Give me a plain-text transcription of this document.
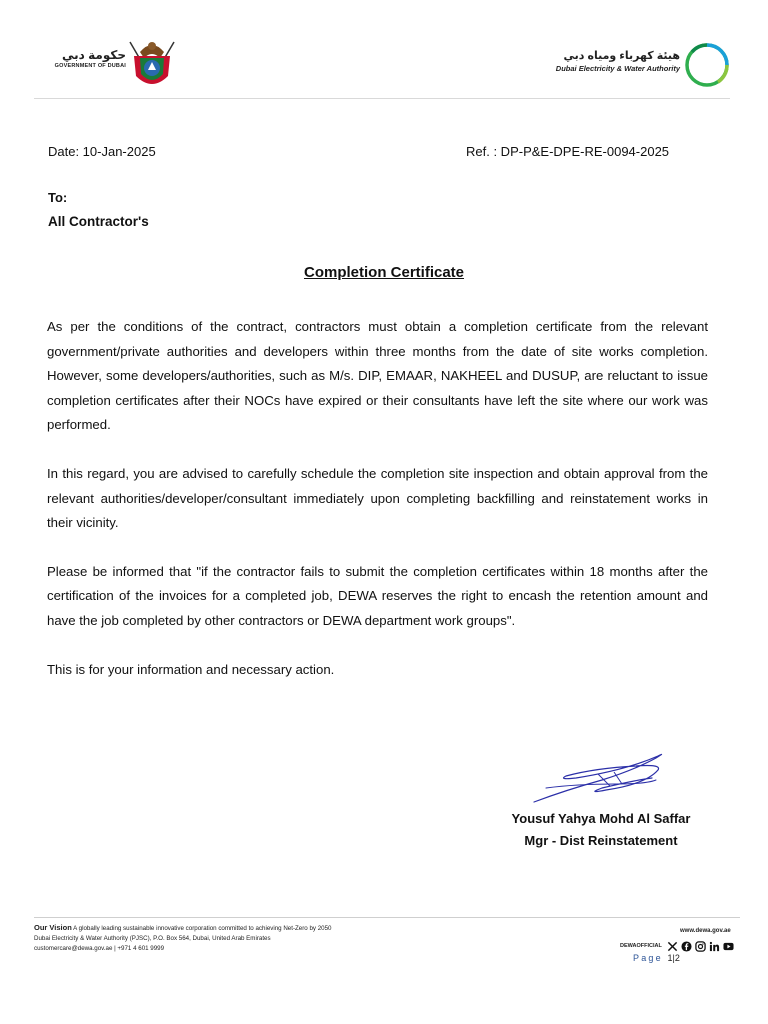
حكومة دبي
GOVERNMENT OF DUBAI
هيئة كهرباء ومياه دبي
Dubai Electricity & Water Authority
Date: 10-Jan-2025	Ref. : DP-P&E-DPE-RE-0094-2025
To:
All Contractor's
Completion Certificate

As per the conditions of the contract, contractors must obtain a completion certificate from the relevant government/private authorities and developers within three months from the date of site works completion. However, some developers/authorities, such as M/s. DIP, EMAAR, NAKHEEL and DUSUP, are reluctant to issue completion certificates after their NOCs have expired or their consultants have left the site where our work was performed.

In this regard, you are advised to carefully schedule the completion site inspection and obtain approval from the relevant authorities/developer/consultant immediately upon completing backfilling and reinstatement works in their vicinity.

Please be informed that "if the contractor fails to submit the completion certificates within 18 months after the certification of the invoices for a completed job, DEWA reserves the right to encash the retention amount and have the job completed by other contractors or DEWA department work groups".

This is for your information and necessary action.

Yousuf Yahya Mohd Al Saffar
Mgr - Dist Reinstatement
Our Vision A globally leading sustainable innovative corporation committed to achieving Net-Zero by 2050
Dubai Electricity & Water Authority (PJSC), P.O. Box 564, Dubai, United Arab Emirates
customercare@dewa.gov.ae | +971 4 601 9999
www.dewa.gov.ae
DEWAOFFICIAL
Page 1|2
